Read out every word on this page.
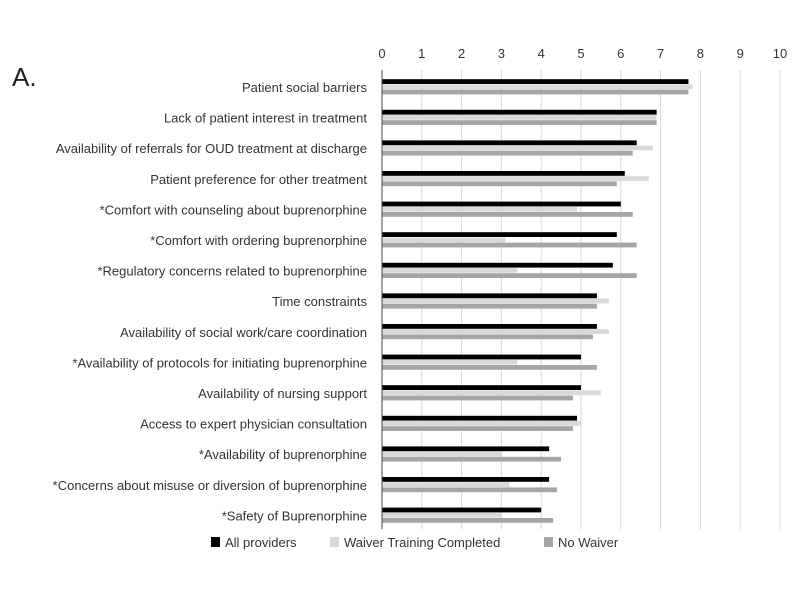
A.
0	1	2	3	4	5	6	7	8	9 10
Patient social barriers
Lack of patient interest in treatment
Availability of referrals for OUD treatment at discharge
Patient preference for other treatment
*Comfort with counseling about buprenorphine
*Comfort with ordering buprenorphine
*Regulatory concerns related to buprenorphine
Time constraints
Availability of social work/care coordination
*Availability of protocols for initiating buprenorphine
Availability of nursing support
Access to expert physician consultation
*Availability of buprenorphine
*Concerns about misuse or diversion of buprenorphine
*Safety of Buprenorphine
All providers	Waiver Training Completed	No Waiver
